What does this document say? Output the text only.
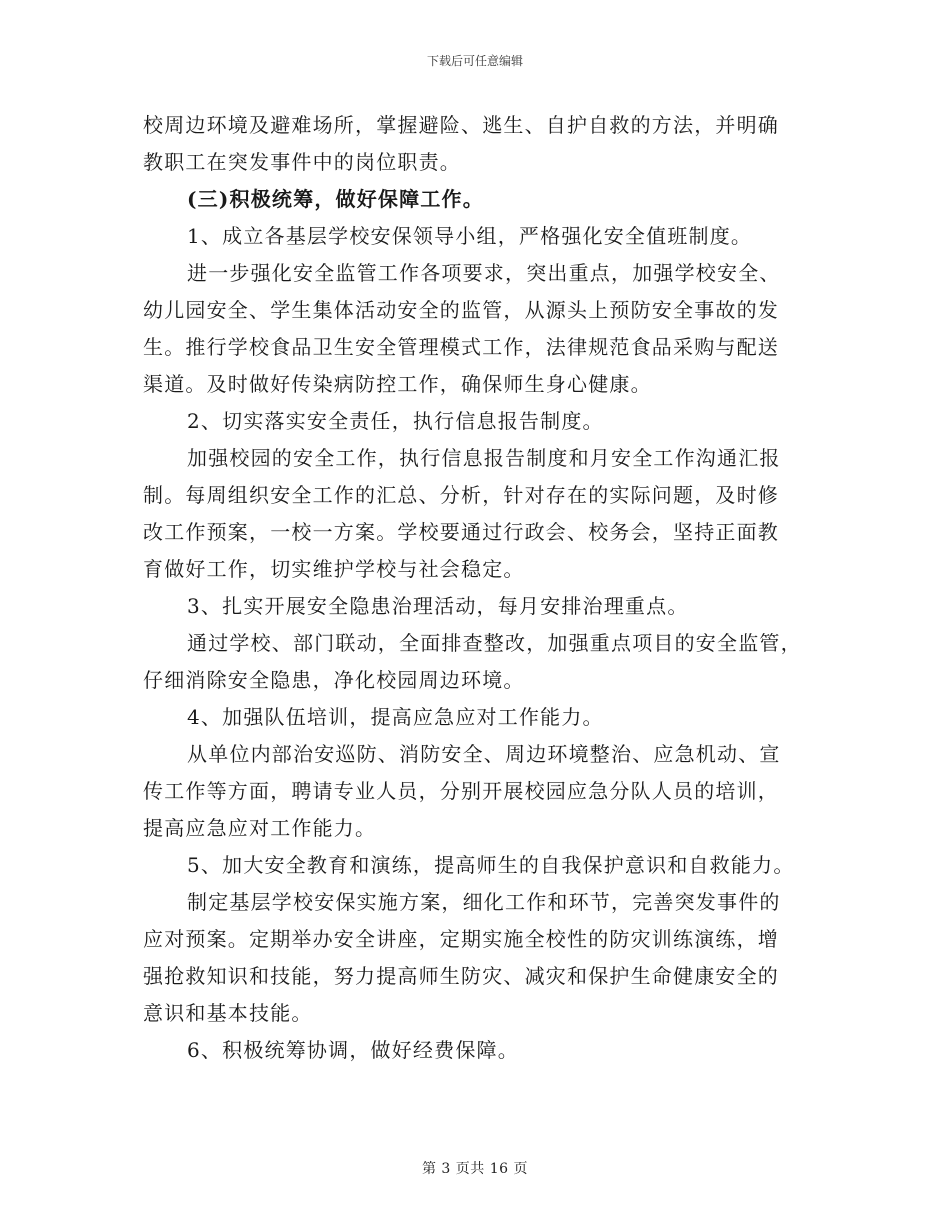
下载后可任意编辑
校周边环境及避难场所，掌握避险、逃生、自护自救的方法，并明确
教职工在突发事件中的岗位职责。
(三)积极统筹，做好保障工作。
1、成立各基层学校安保领导小组，严格强化安全值班制度。
进一步强化安全监管工作各项要求，突出重点，加强学校安全、
幼儿园安全、学生集体活动安全的监管，从源头上预防安全事故的发
生。推行学校食品卫生安全管理模式工作，法律规范食品采购与配送
渠道。及时做好传染病防控工作，确保师生身心健康。
2、切实落实安全责任，执行信息报告制度。
加强校园的安全工作，执行信息报告制度和月安全工作沟通汇报
制。每周组织安全工作的汇总、分析，针对存在的实际问题，及时修
改工作预案，一校一方案。学校要通过行政会、校务会，坚持正面教
育做好工作，切实维护学校与社会稳定。
3、扎实开展安全隐患治理活动，每月安排治理重点。
通过学校、部门联动，全面排查整改，加强重点项目的安全监管，
仔细消除安全隐患，净化校园周边环境。
4、加强队伍培训，提高应急应对工作能力。
从单位内部治安巡防、消防安全、周边环境整治、应急机动、宣
传工作等方面，聘请专业人员，分别开展校园应急分队人员的培训，
提高应急应对工作能力。
5、加大安全教育和演练，提高师生的自我保护意识和自救能力。
制定基层学校安保实施方案，细化工作和环节，完善突发事件的
应对预案。定期举办安全讲座，定期实施全校性的防灾训练演练，增
强抢救知识和技能，努力提高师生防灾、减灾和保护生命健康安全的
意识和基本技能。
6、积极统筹协调，做好经费保障。
第 3 页共 16 页
